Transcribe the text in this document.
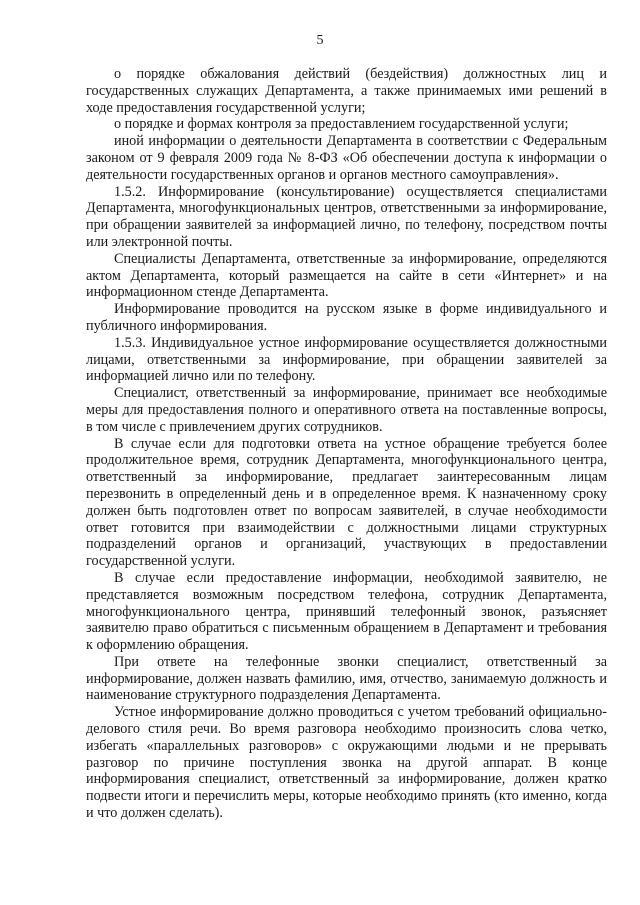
5

о порядке обжалования действий (бездействия) должностных лиц и государственных служащих Департамента, а также принимаемых ими решений в ходе предоставления государственной услуги;

о порядке и формах контроля за предоставлением государственной услуги;

иной информации о деятельности Департамента в соответствии с Федеральным законом от 9 февраля 2009 года № 8-ФЗ «Об обеспечении доступа к информации о деятельности государственных органов и органов местного самоуправления».

1.5.2. Информирование (консультирование) осуществляется специалистами Департамента, многофункциональных центров, ответственными за информирование, при обращении заявителей за информацией лично, по телефону, посредством почты или электронной почты.

Специалисты Департамента, ответственные за информирование, определяются актом Департамента, который размещается на сайте в сети «Интернет» и на информационном стенде Департамента.

Информирование проводится на русском языке в форме индивидуального и публичного информирования.

1.5.3. Индивидуальное устное информирование осуществляется должностными лицами, ответственными за информирование, при обращении заявителей за информацией лично или по телефону.

Специалист, ответственный за информирование, принимает все необходимые меры для предоставления полного и оперативного ответа на поставленные вопросы, в том числе с привлечением других сотрудников.

В случае если для подготовки ответа на устное обращение требуется более продолжительное время, сотрудник Департамента, многофункционального центра, ответственный за информирование, предлагает заинтересованным лицам перезвонить в определенный день и в определенное время. К назначенному сроку должен быть подготовлен ответ по вопросам заявителей, в случае необходимости ответ готовится при взаимодействии с должностными лицами структурных подразделений органов и организаций, участвующих в предоставлении государственной услуги.

В случае если предоставление информации, необходимой заявителю, не представляется возможным посредством телефона, сотрудник Департамента, многофункционального центра, принявший телефонный звонок, разъясняет заявителю право обратиться с письменным обращением в Департамент и требования к оформлению обращения.

При ответе на телефонные звонки специалист, ответственный за информирование, должен назвать фамилию, имя, отчество, занимаемую должность и наименование структурного подразделения Департамента.

Устное информирование должно проводиться с учетом требований официально-делового стиля речи. Во время разговора необходимо произносить слова четко, избегать «параллельных разговоров» с окружающими людьми и не прерывать разговор по причине поступления звонка на другой аппарат. В конце информирования специалист, ответственный за информирование, должен кратко подвести итоги и перечислить меры, которые необходимо принять (кто именно, когда и что должен сделать).
